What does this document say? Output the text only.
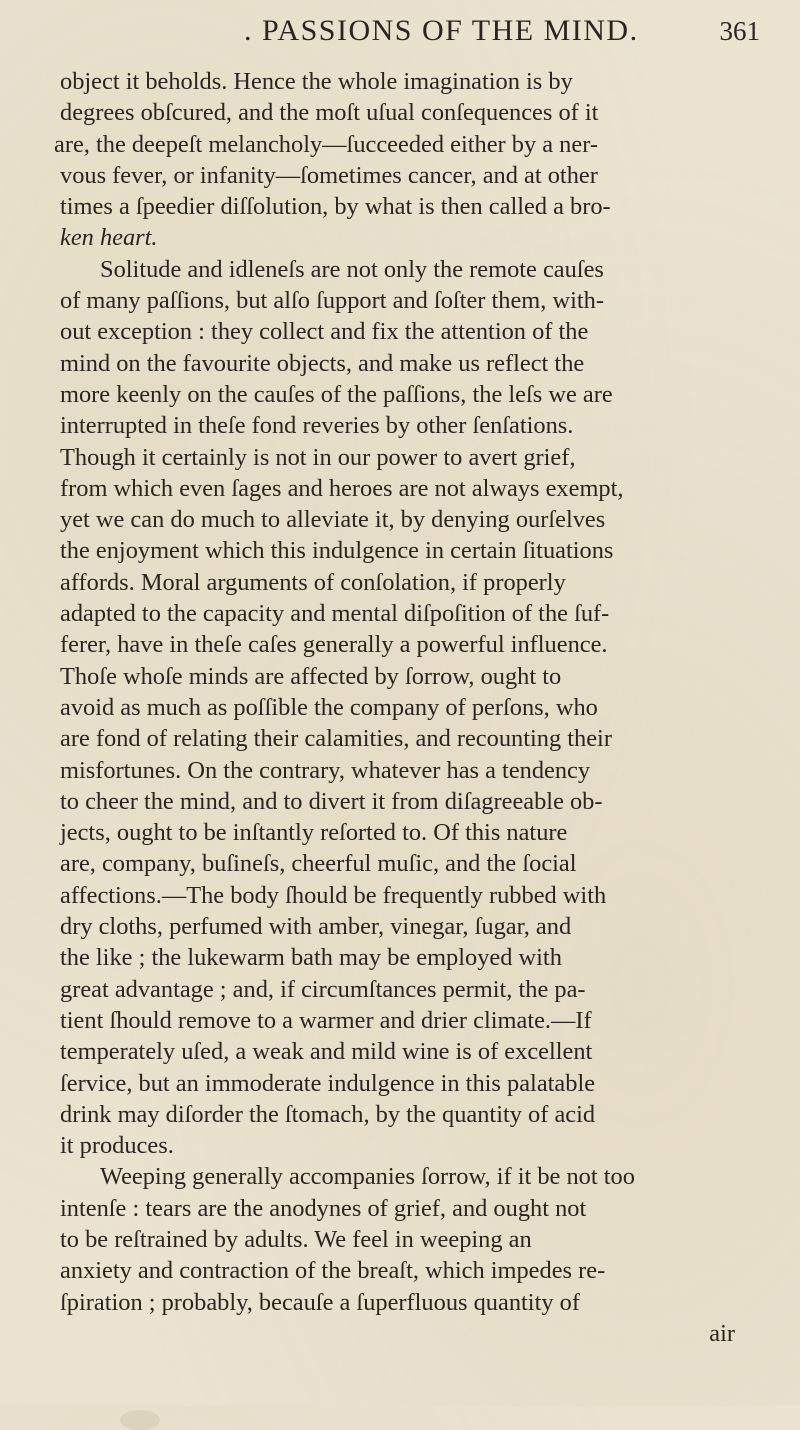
. PASSIONS OF THE MIND.	361
object it beholds. Hence the whole imagination is by
degrees obſcured, and the moſt uſual conſequences of it
are, the deepeſt melancholy—ſucceeded either by a ner-
vous fever, or infanity—ſometimes cancer, and at other
times a ſpeedier diſſolution, by what is then called a bro-
ken heart.
Solitude and idleneſs are not only the remote cauſes
of many paſſions, but alſo ſupport and ſoſter them, with-
out exception : they collect and fix the attention of the
mind on the favourite objects, and make us reflect the
more keenly on the cauſes of the paſſions, the leſs we are
interrupted in theſe fond reveries by other ſenſations.
Though it certainly is not in our power to avert grief,
from which even ſages and heroes are not always exempt,
yet we can do much to alleviate it, by denying ourſelves
the enjoyment which this indulgence in certain ſituations
affords. Moral arguments of conſolation, if properly
adapted to the capacity and mental diſpoſition of the ſuf-
ferer, have in theſe caſes generally a powerful influence.
Thoſe whoſe minds are affected by ſorrow, ought to
avoid as much as poſſible the company of perſons, who
are fond of relating their calamities, and recounting their
misfortunes. On the contrary, whatever has a tendency
to cheer the mind, and to divert it from diſagreeable ob-
jects, ought to be inſtantly reſorted to. Of this nature
are, company, buſineſs, cheerful muſic, and the ſocial
affections.—The body ſhould be frequently rubbed with
dry cloths, perfumed with amber, vinegar, ſugar, and
the like ; the lukewarm bath may be employed with
great advantage ; and, if circumſtances permit, the pa-
tient ſhould remove to a warmer and drier climate.—If
temperately uſed, a weak and mild wine is of excellent
ſervice, but an immoderate indulgence in this palatable
drink may diſorder the ſtomach, by the quantity of acid
it produces.
Weeping generally accompanies ſorrow, if it be not too
intenſe : tears are the anodynes of grief, and ought not
to be reſtrained by adults. We feel in weeping an
anxiety and contraction of the breaſt, which impedes re-
ſpiration ; probably, becauſe a ſuperfluous quantity of
air
